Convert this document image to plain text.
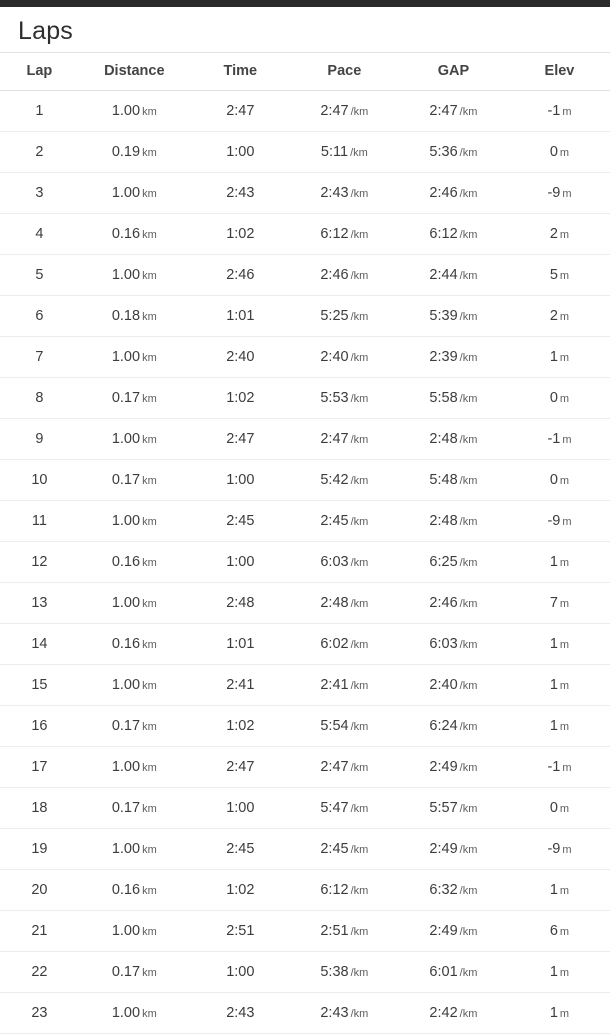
Laps
Lap	Distance	Time	Pace	GAP	Elev
1	1.00 km	2:47	2:47 /km	2:47 /km	-1 m
2	0.19 km	1:00	5:11 /km	5:36 /km	0 m
3	1.00 km	2:43	2:43 /km	2:46 /km	-9 m
4	0.16 km	1:02	6:12 /km	6:12 /km	2 m
5	1.00 km	2:46	2:46 /km	2:44 /km	5 m
6	0.18 km	1:01	5:25 /km	5:39 /km	2 m
7	1.00 km	2:40	2:40 /km	2:39 /km	1 m
8	0.17 km	1:02	5:53 /km	5:58 /km	0 m
9	1.00 km	2:47	2:47 /km	2:48 /km	-1 m
10	0.17 km	1:00	5:42 /km	5:48 /km	0 m
11	1.00 km	2:45	2:45 /km	2:48 /km	-9 m
12	0.16 km	1:00	6:03 /km	6:25 /km	1 m
13	1.00 km	2:48	2:48 /km	2:46 /km	7 m
14	0.16 km	1:01	6:02 /km	6:03 /km	1 m
15	1.00 km	2:41	2:41 /km	2:40 /km	1 m
16	0.17 km	1:02	5:54 /km	6:24 /km	1 m
17	1.00 km	2:47	2:47 /km	2:49 /km	-1 m
18	0.17 km	1:00	5:47 /km	5:57 /km	0 m
19	1.00 km	2:45	2:45 /km	2:49 /km	-9 m
20	0.16 km	1:02	6:12 /km	6:32 /km	1 m
21	1.00 km	2:51	2:51 /km	2:49 /km	6 m
22	0.17 km	1:00	5:38 /km	6:01 /km	1 m
23	1.00 km	2:43	2:43 /km	2:42 /km	1 m
